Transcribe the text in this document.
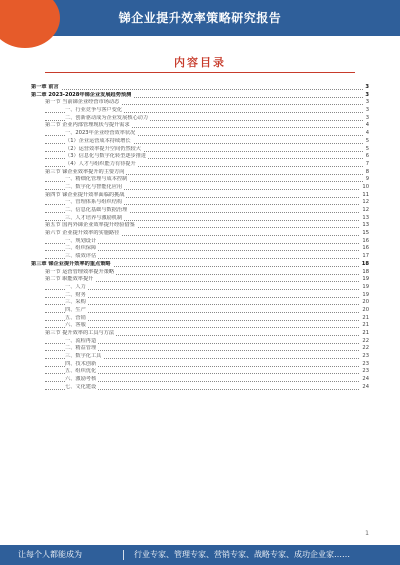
锑企业提升效率策略研究报告
内容目录
第一章 前言	3
第二章 2023-2028年锑企业发展趋势预测	3
第一节 当前锑企业经营市场动态	3
一、行业竞争与客户变化	3
二、创新驱动成为企业发展核心动力	3
第二节 企业内部管理现状与提升需求	4
一、2023年企业经营效率状况	4
（1）企业运营成本持续增长	5
（2）运营效率提升空间仍然较大	5
（3）信息化与数字化转型逐步推进	6
（4）人才与组织能力有待提升	7
第三节 锑企业效率提升的主要方向	8
一、精细化管理与成本控制	9
二、数字化与智能化应用	10
第四节 锑企业提升效率面临的挑战	11
一、管理体系与组织结构	12
二、信息化基础与数据治理	12
三、人才培养与激励机制	13
第五节 国内外锑企业效率提升经验借鉴	13
第六节 企业提升效率的实施路径	15
一、规划设计	16
二、组织保障	16
三、绩效评估	17
第三章 锑企业提升效率的重点策略	18
第一节 运营管理效率提升策略	18
第二节 职能效率提升	19
一、人力	19
二、财务	19
三、采购	20
四、生产	20
五、营销	21
六、客服	21
第三节 提升效率的工具与方法	21
一、流程再造	22
二、精益管理	22
三、数字化工具	23
四、技术创新	23
五、组织优化	23
六、激励考核	24
七、文化建设	24
1
让每个人都能成为	行业专家、管理专家、营销专家、战略专家、成功企业家……
